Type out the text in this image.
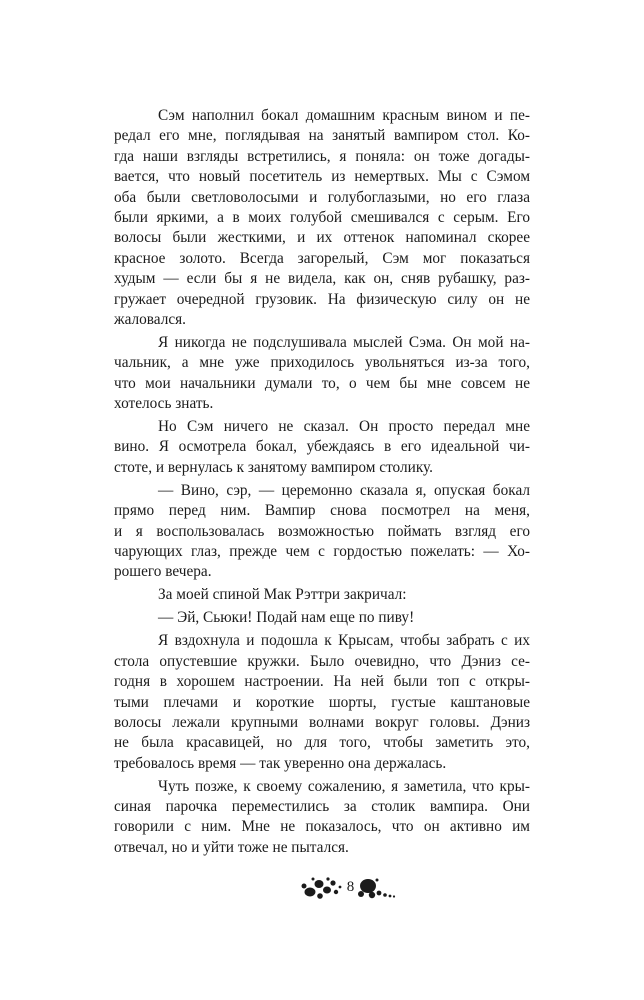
Сэм наполнил бокал домашним красным вином и пе-
редал его мне, поглядывая на занятый вампиром стол. Ко-
гда наши взгляды встретились, я поняла: он тоже догады-
вается, что новый посетитель из немертвых. Мы с Сэмом
оба были светловолосыми и голубоглазыми, но его глаза
были яркими, а в моих голубой смешивался с серым. Его
волосы были жесткими, и их оттенок напоминал скорее
красное золото. Всегда загорелый, Сэм мог показаться
худым — если бы я не видела, как он, сняв рубашку, раз-
гружает очередной грузовик. На физическую силу он не
жаловался.
Я никогда не подслушивала мыслей Сэма. Он мой на-
чальник, а мне уже приходилось увольняться из-за того,
что мои начальники думали то, о чем бы мне совсем не
хотелось знать.
Но Сэм ничего не сказал. Он просто передал мне
вино. Я осмотрела бокал, убеждаясь в его идеальной чи-
стоте, и вернулась к занятому вампиром столику.
— Вино, сэр, — церемонно сказала я, опуская бокал
прямо перед ним. Вампир снова посмотрел на меня,
и я воспользовалась возможностью поймать взгляд его
чарующих глаз, прежде чем с гордостью пожелать: — Хо-
рошего вечера.
За моей спиной Мак Рэттри закричал:
— Эй, Сьюки! Подай нам еще по пиву!
Я вздохнула и подошла к Крысам, чтобы забрать с их
стола опустевшие кружки. Было очевидно, что Дэниз се-
годня в хорошем настроении. На ней были топ с откры-
тыми плечами и короткие шорты, густые каштановые
волосы лежали крупными волнами вокруг головы. Дэниз
не была красавицей, но для того, чтобы заметить это,
требовалось время — так уверенно она держалась.
Чуть позже, к своему сожалению, я заметила, что кры-
синая парочка переместились за столик вампира. Они
говорили с ним. Мне не показалось, что он активно им
отвечал, но и уйти тоже не пытался.
8
